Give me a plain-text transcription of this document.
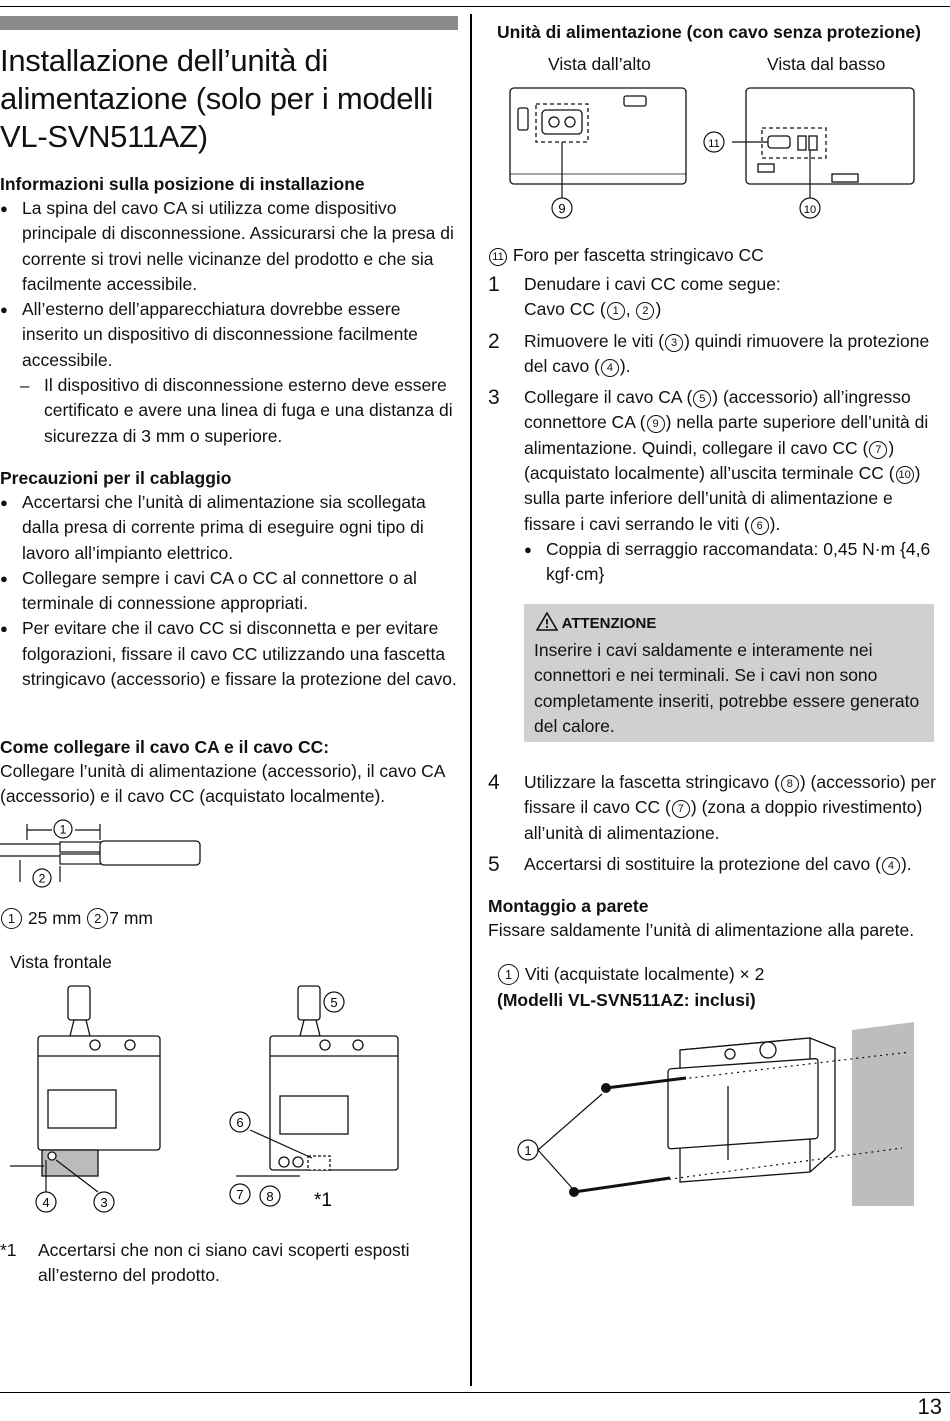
13
Installazione dell’unità di alimentazione (solo per i modelli VL-SVN511AZ)
Informazioni sulla posizione di installazione
● La spina del cavo CA si utilizza come dispositivo principale di disconnessione. Assicurarsi che la presa di corrente si trovi nelle vicinanze del prodotto e che sia facilmente accessibile.
● All’esterno dell’apparecchiatura dovrebbe essere inserito un dispositivo di disconnessione facilmente accessibile.
– Il dispositivo di disconnessione esterno deve essere certificato e avere una linea di fuga e una distanza di sicurezza di 3 mm o superiore.
Precauzioni per il cablaggio
● Accertarsi che l’unità di alimentazione sia scollegata dalla presa di corrente prima di eseguire ogni tipo di lavoro all’impianto elettrico.
● Collegare sempre i cavi CA o CC al connettore o al terminale di connessione appropriati.
● Per evitare che il cavo CC si disconnetta e per evitare folgorazioni, fissare il cavo CC utilizzando una fascetta stringicavo (accessorio) e fissare la protezione del cavo.
Come collegare il cavo CA e il cavo CC:
Collegare l’unità di alimentazione (accessorio), il cavo CA (accessorio) e il cavo CC (acquistato localmente).
1
2
1 25 mm 2 7 mm
Vista frontale
4	3
5
6
7 8 *1
*1 Accertarsi che non ci siano cavi scoperti esposti all’esterno del prodotto.
Unità di alimentazione (con cavo senza protezione)
Vista dall’alto	Vista dal basso
9
11
10
11 Foro per fascetta stringicavo CC
1 Denudare i cavi CC come segue:
Cavo CC ( 1 , 2 )
2 Rimuovere le viti ( 3 ) quindi rimuovere la protezione del cavo ( 4 ).
3 Collegare il cavo CA ( 5 ) (accessorio) all’ingresso connettore CA ( 9 ) nella parte superiore dell’unità di alimentazione. Quindi, collegare il cavo CC ( 7 ) (acquistato localmente) all’uscita terminale CC ( 10 ) sulla parte inferiore dell’unità di alimentazione e fissare i cavi serrando le viti ( 6 ).
● Coppia di serraggio raccomandata: 0,45 N·m {4,6 kgf·cm}
ATTENZIONE
Inserire i cavi saldamente e interamente nei connettori e nei terminali. Se i cavi non sono completamente inseriti, potrebbe essere generato del calore.
4 Utilizzare la fascetta stringicavo ( 8 ) (accessorio) per fissare il cavo CC ( 7 ) (zona a doppio rivestimento) all’unità di alimentazione.
5 Accertarsi di sostituire la protezione del cavo ( 4 ).
Montaggio a parete
Fissare saldamente l’unità di alimentazione alla parete.
1 Viti (acquistate localmente) × 2
(Modelli VL-SVN511AZ: inclusi)
1
